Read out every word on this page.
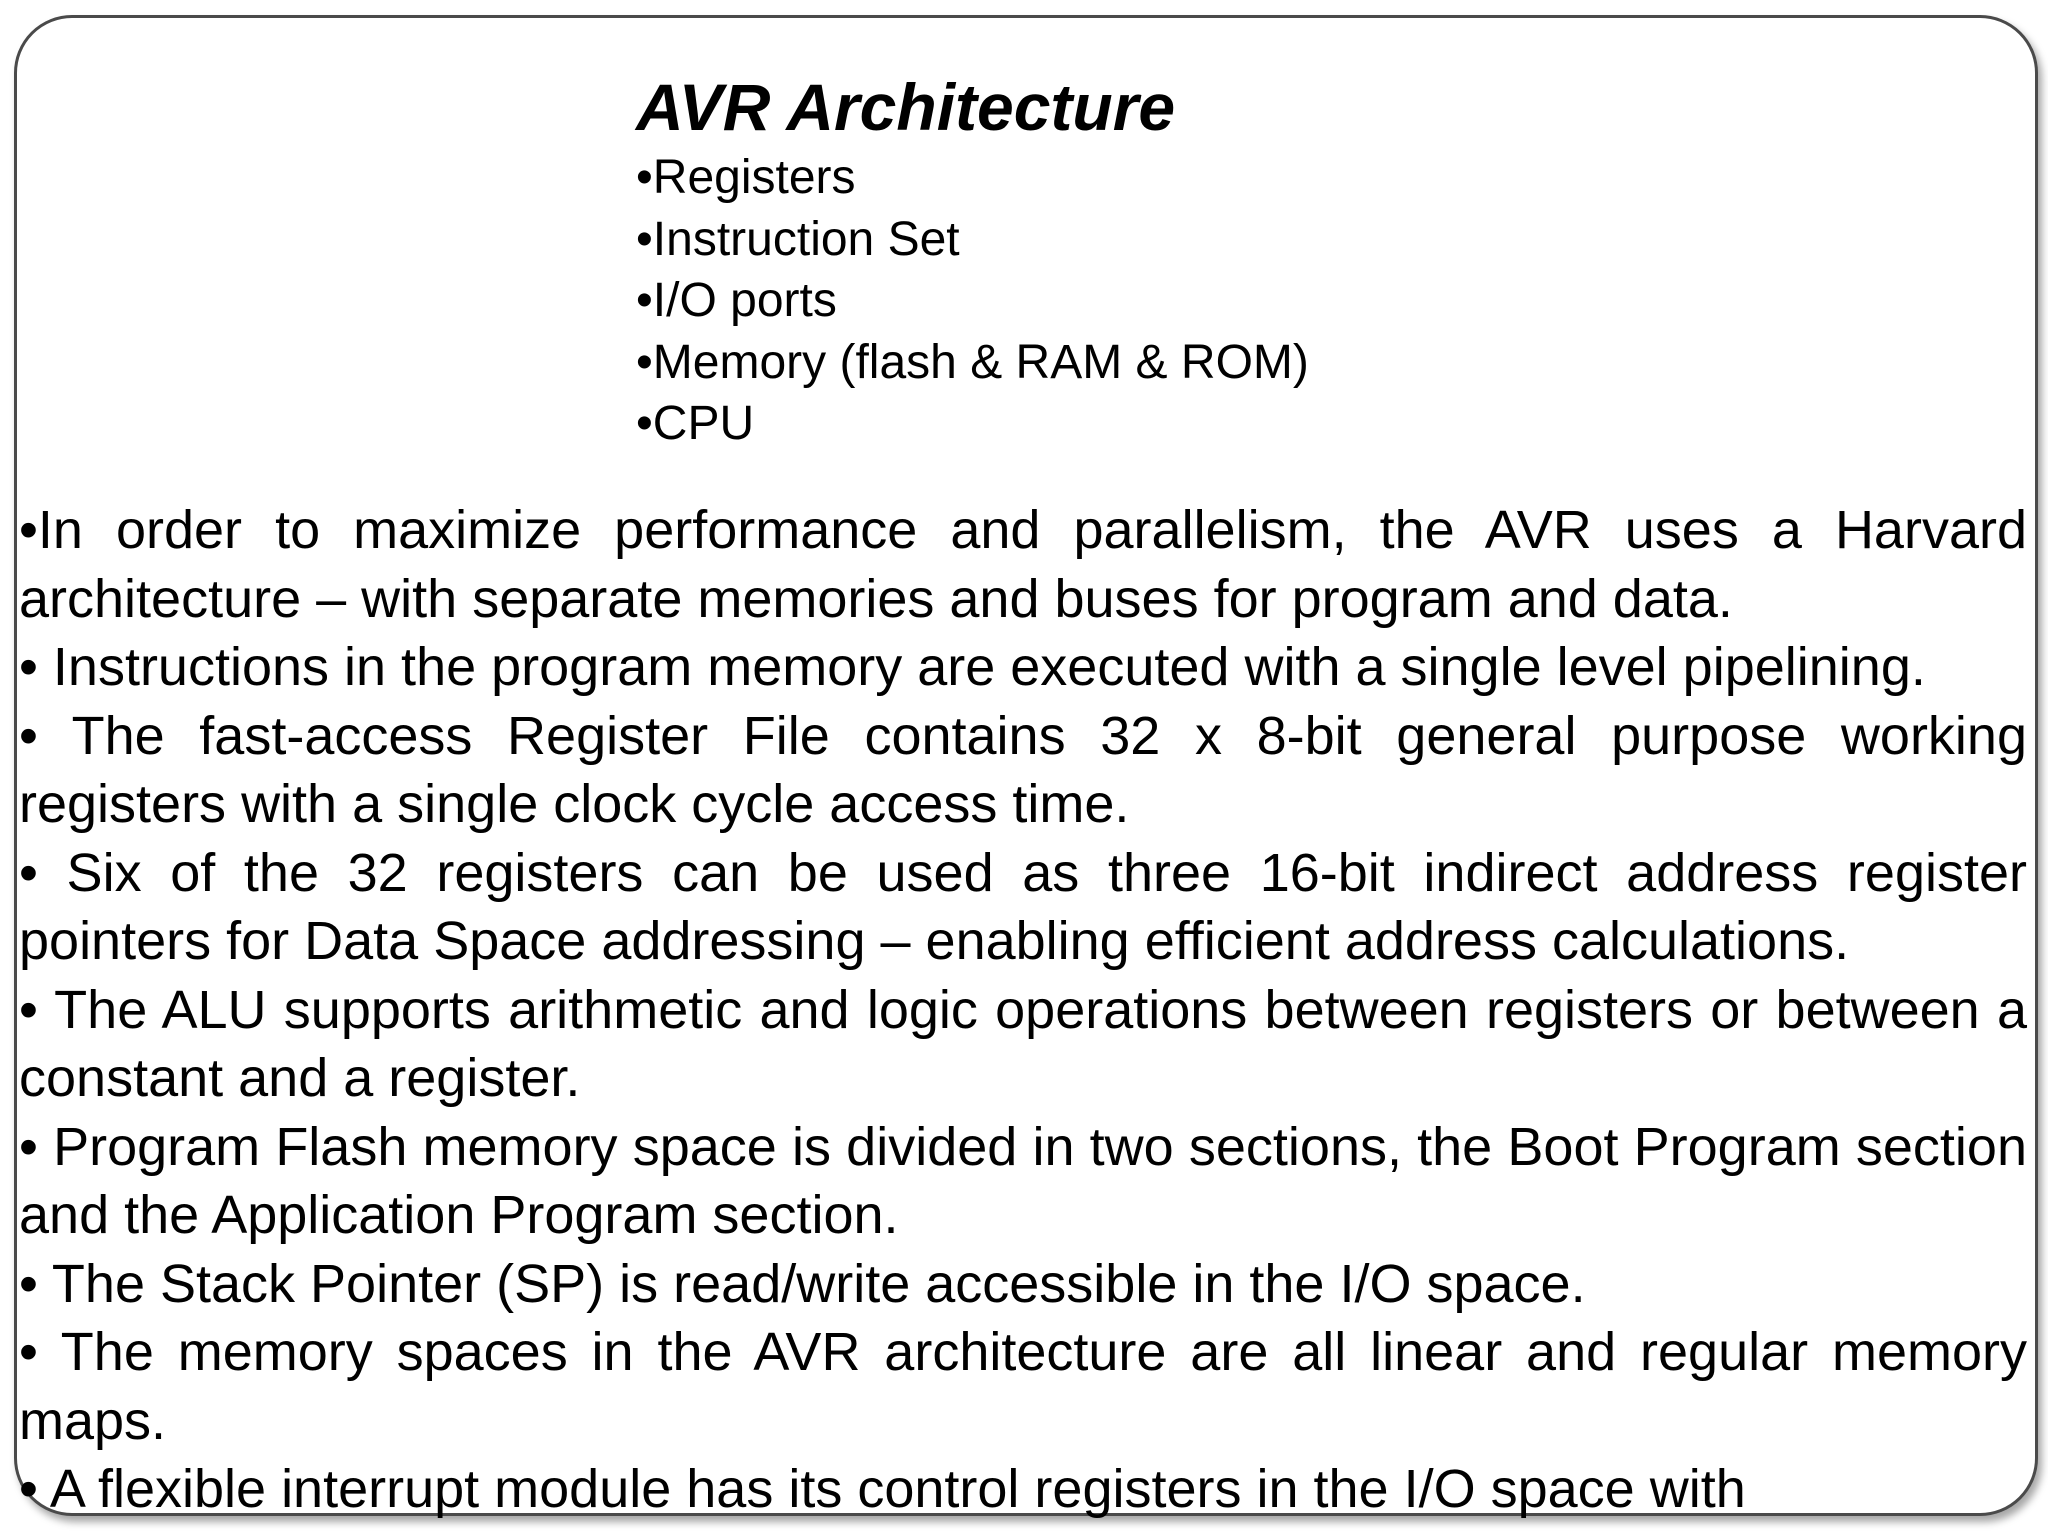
AVR Architecture
•Registers
•Instruction Set
•I/O ports
•Memory (flash & RAM & ROM)
•CPU
•In order to maximize performance and parallelism, the AVR uses a Harvard architecture – with separate memories and buses for program and data.
• Instructions in the program memory are executed with a single level pipelining.
• The fast-access Register File contains 32 x 8-bit general purpose working registers with a single clock cycle access time.
• Six of the 32 registers can be used as three 16-bit indirect address register pointers for Data Space addressing – enabling efficient address calculations.
• The ALU supports arithmetic and logic operations between registers or between a constant and a register.
• Program Flash memory space is divided in two sections, the Boot Program section and the Application Program section.
• The Stack Pointer (SP) is read/write accessible in the I/O space.
• The memory spaces in the AVR architecture are all linear and regular memory maps.
• A flexible interrupt module has its control registers in the I/O space with
